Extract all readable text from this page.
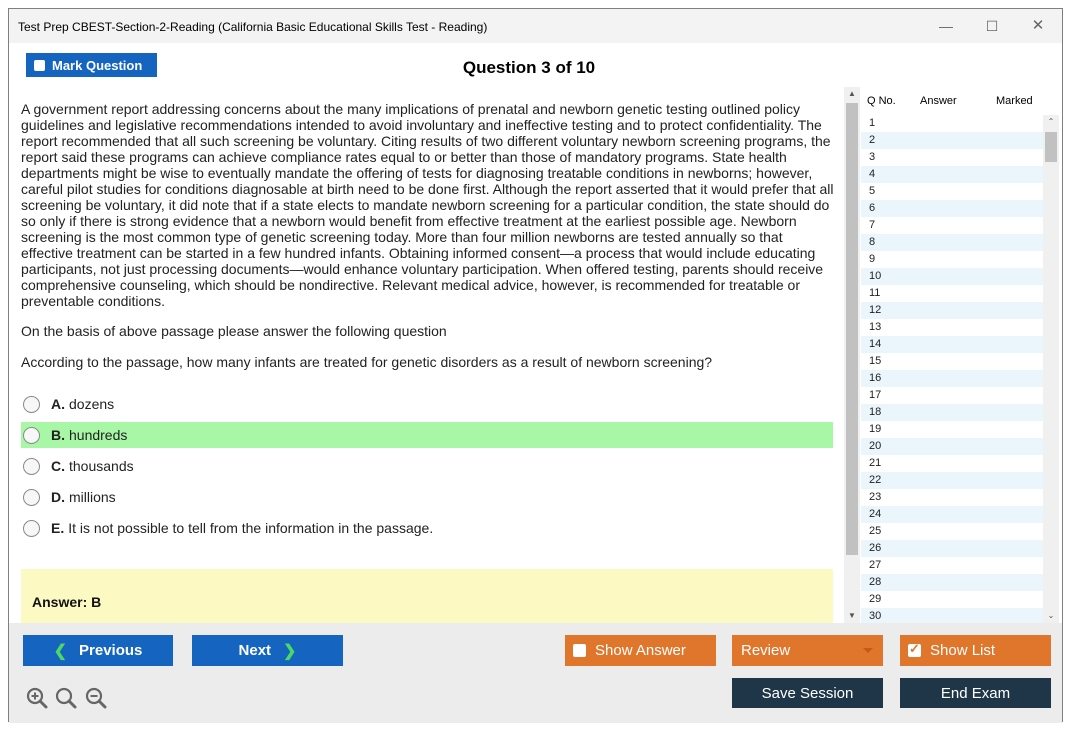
Test Prep CBEST-Section-2-Reading (California Basic Educational Skills Test - Reading)	—	☐	✕
Mark Question	Question 3 of 10

A government report addressing concerns about the many implications of prenatal and newborn genetic testing outlined policy guidelines and legislative recommendations intended to avoid involuntary and ineffective testing and to protect confidentiality. The report recommended that all such screening be voluntary. Citing results of two different voluntary newborn screening programs, the report said these programs can achieve compliance rates equal to or better than those of mandatory programs. State health departments might be wise to eventually mandate the offering of tests for diagnosing treatable conditions in newborns; however, careful pilot studies for conditions diagnosable at birth need to be done first. Although the report asserted that it would prefer that all screening be voluntary, it did note that if a state elects to mandate newborn screening for a particular condition, the state should do so only if there is strong evidence that a newborn would benefit from effective treatment at the earliest possible age. Newborn screening is the most common type of genetic screening today. More than four million newborns are tested annually so that effective treatment can be started in a few hundred infants. Obtaining informed consent—a process that would include educating participants, not just processing documents—would enhance voluntary participation. When offered testing, parents should receive comprehensive counseling, which should be nondirective. Relevant medical advice, however, is recommended for treatable or preventable conditions.

On the basis of above passage please answer the following question

According to the passage, how many infants are treated for genetic disorders as a result of newborn screening?

A. dozens
B. hundreds
C. thousands
D. millions
E. It is not possible to tell from the information in the passage.
Answer: B
▲
▼
Q No. Answer	Marked
1
2
3
4
5
6
7
8
9
10
11
12
13
14
15
16
17
18
19
20
21
22
23
24
25
26
27
28
29
30
⌃
⌄
❮ Previous	Next ❯	Show Answer	Review
✓	Show List
Save Session	End Exam
